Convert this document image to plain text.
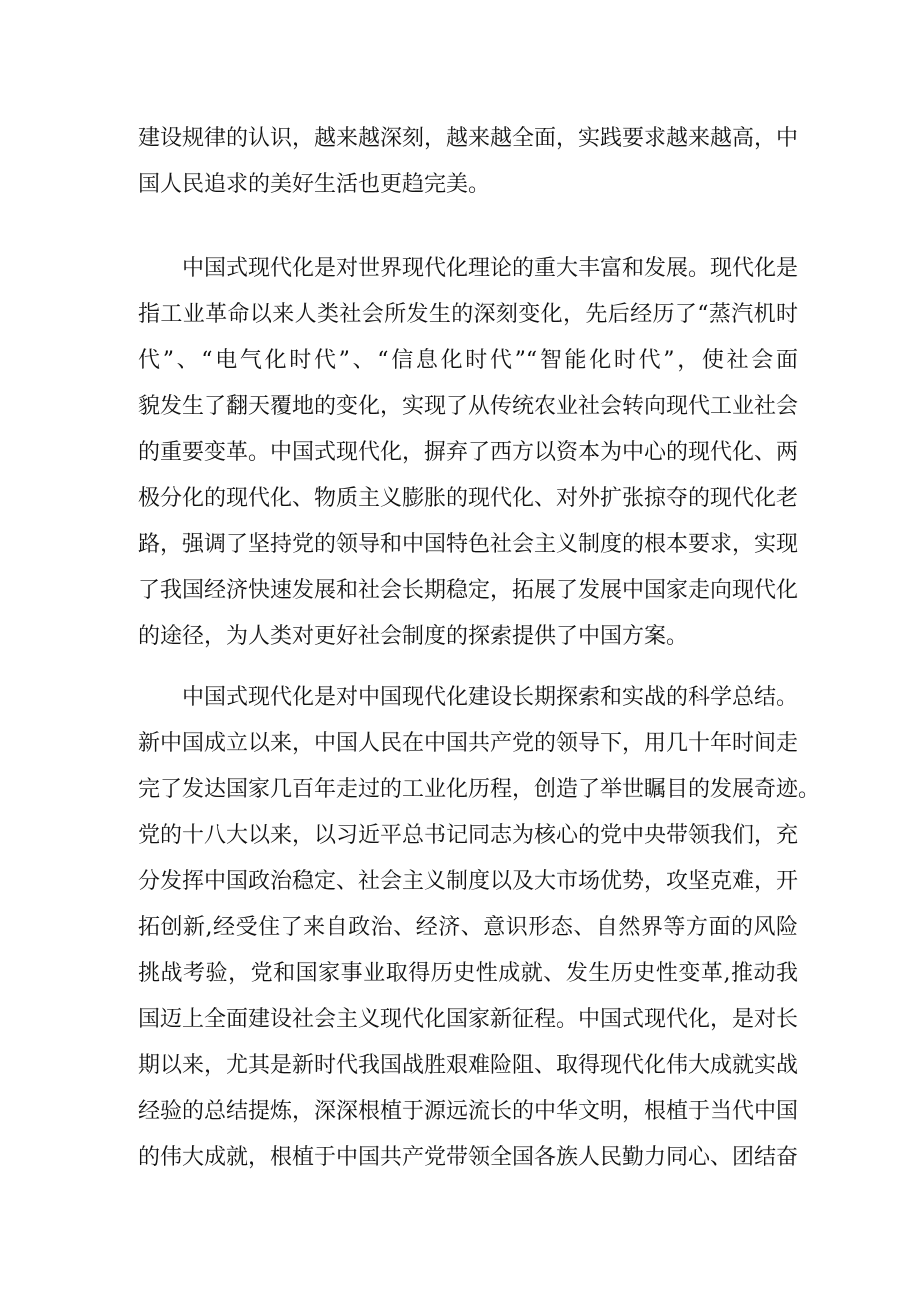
建设规律的认识，越来越深刻，越来越全面，实践要求越来越高，中
国人民追求的美好生活也更趋完美。
　　中国式现代化是对世界现代化理论的重大丰富和发展。现代化是
指工业革命以来人类社会所发生的深刻变化，先后经历了“蒸汽机时
代”、“电气化时代”、“信息化时代”“智能化时代”，使社会面
貌发生了翻天覆地的变化，实现了从传统农业社会转向现代工业社会
的重要变革。中国式现代化，摒弃了西方以资本为中心的现代化、两
极分化的现代化、物质主义膨胀的现代化、对外扩张掠夺的现代化老
路，强调了坚持党的领导和中国特色社会主义制度的根本要求，实现
了我国经济快速发展和社会长期稳定，拓展了发展中国家走向现代化
的途径，为人类对更好社会制度的探索提供了中国方案。
　　中国式现代化是对中国现代化建设长期探索和实战的科学总结。
新中国成立以来，中国人民在中国共产党的领导下，用几十年时间走
完了发达国家几百年走过的工业化历程，创造了举世瞩目的发展奇迹。
党的十八大以来，以习近平总书记同志为核心的党中央带领我们，充
分发挥中国政治稳定、社会主义制度以及大市场优势，攻坚克难，开
拓创新,经受住了来自政治、经济、意识形态、自然界等方面的风险
挑战考验，党和国家事业取得历史性成就、发生历史性变革,推动我
国迈上全面建设社会主义现代化国家新征程。中国式现代化，是对长
期以来，尤其是新时代我国战胜艰难险阻、取得现代化伟大成就实战
经验的总结提炼，深深根植于源远流长的中华文明，根植于当代中国
的伟大成就，根植于中国共产党带领全国各族人民勤力同心、团结奋
